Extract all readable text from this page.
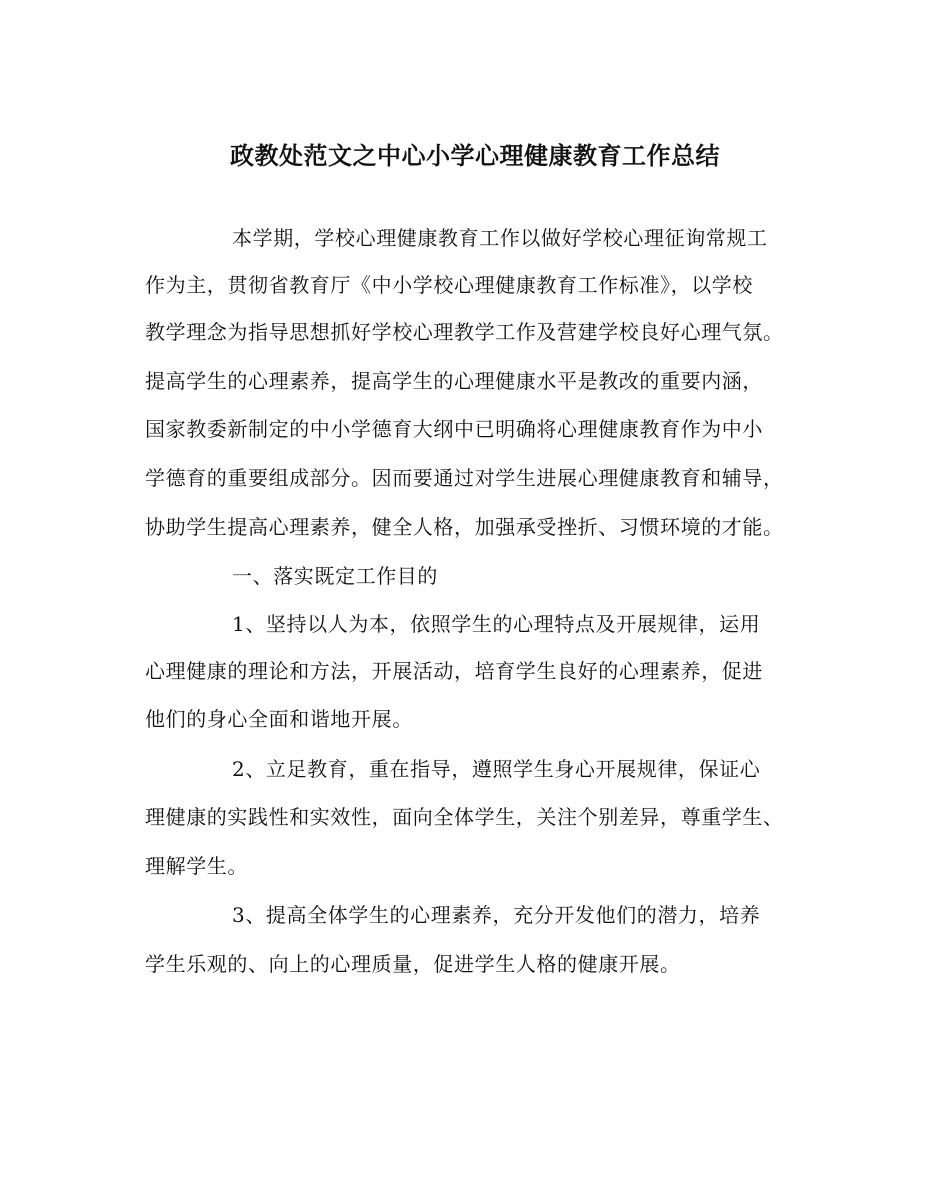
政教处范文之中心小学心理健康教育工作总结
本学期，学校心理健康教育工作以做好学校心理征询常规工
作为主，贯彻省教育厅《中小学校心理健康教育工作标准》，以学校
教学理念为指导思想抓好学校心理教学工作及营建学校良好心理气氛。
提高学生的心理素养，提高学生的心理健康水平是教改的重要内涵，
国家教委新制定的中小学德育大纲中已明确将心理健康教育作为中小
学德育的重要组成部分。因而要通过对学生进展心理健康教育和辅导，
协助学生提高心理素养，健全人格，加强承受挫折、习惯环境的才能。
一、落实既定工作目的
1、坚持以人为本，依照学生的心理特点及开展规律，运用
心理健康的理论和方法，开展活动，培育学生良好的心理素养，促进
他们的身心全面和谐地开展。
2、立足教育，重在指导，遵照学生身心开展规律，保证心
理健康的实践性和实效性，面向全体学生，关注个别差异，尊重学生、
理解学生。
3、提高全体学生的心理素养，充分开发他们的潜力，培养
学生乐观的、向上的心理质量，促进学生人格的健康开展。
